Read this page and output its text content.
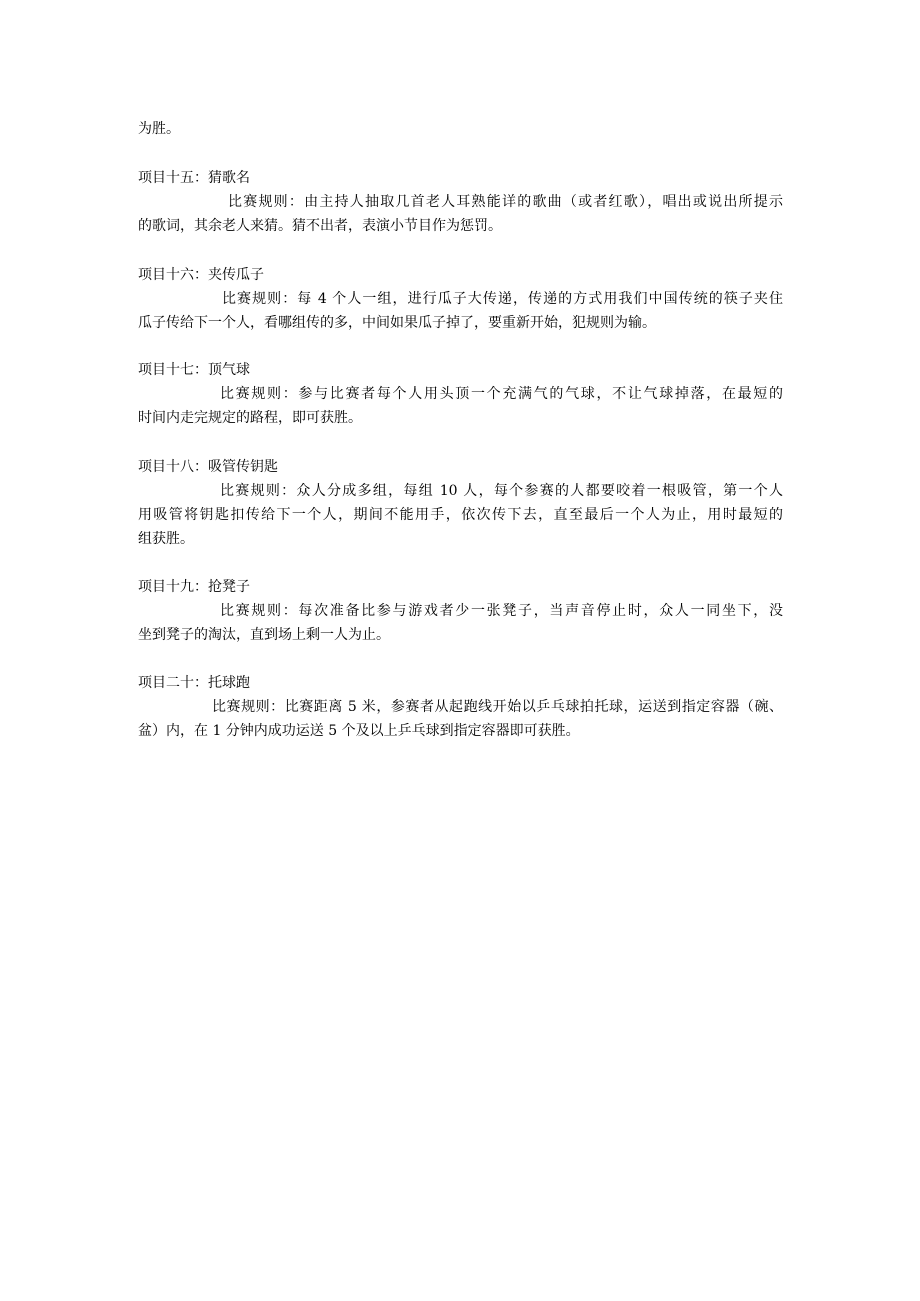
为胜。
项目十五：猜歌名
比赛规则：由主持人抽取几首老人耳熟能详的歌曲（或者红歌），唱出或说出所提示
的歌词，其余老人来猜。猜不出者，表演小节目作为惩罚。
项目十六：夹传瓜子
比赛规则：每 4 个人一组，进行瓜子大传递，传递的方式用我们中国传统的筷子夹住
瓜子传给下一个人，看哪组传的多，中间如果瓜子掉了，要重新开始，犯规则为输。
项目十七：顶气球
比赛规则：参与比赛者每个人用头顶一个充满气的气球，不让气球掉落，在最短的
时间内走完规定的路程，即可获胜。
项目十八：吸管传钥匙
比赛规则：众人分成多组，每组 10 人，每个参赛的人都要咬着一根吸管，第一个人
用吸管将钥匙扣传给下一个人，期间不能用手，依次传下去，直至最后一个人为止，用时最短的
组获胜。
项目十九：抢凳子
比赛规则：每次准备比参与游戏者少一张凳子，当声音停止时，众人一同坐下，没
坐到凳子的淘汰，直到场上剩一人为止。
项目二十：托球跑
比赛规则：比赛距离 5 米，参赛者从起跑线开始以乒乓球拍托球，运送到指定容器（碗、
盆）内，在 1 分钟内成功运送 5 个及以上乒乓球到指定容器即可获胜。
